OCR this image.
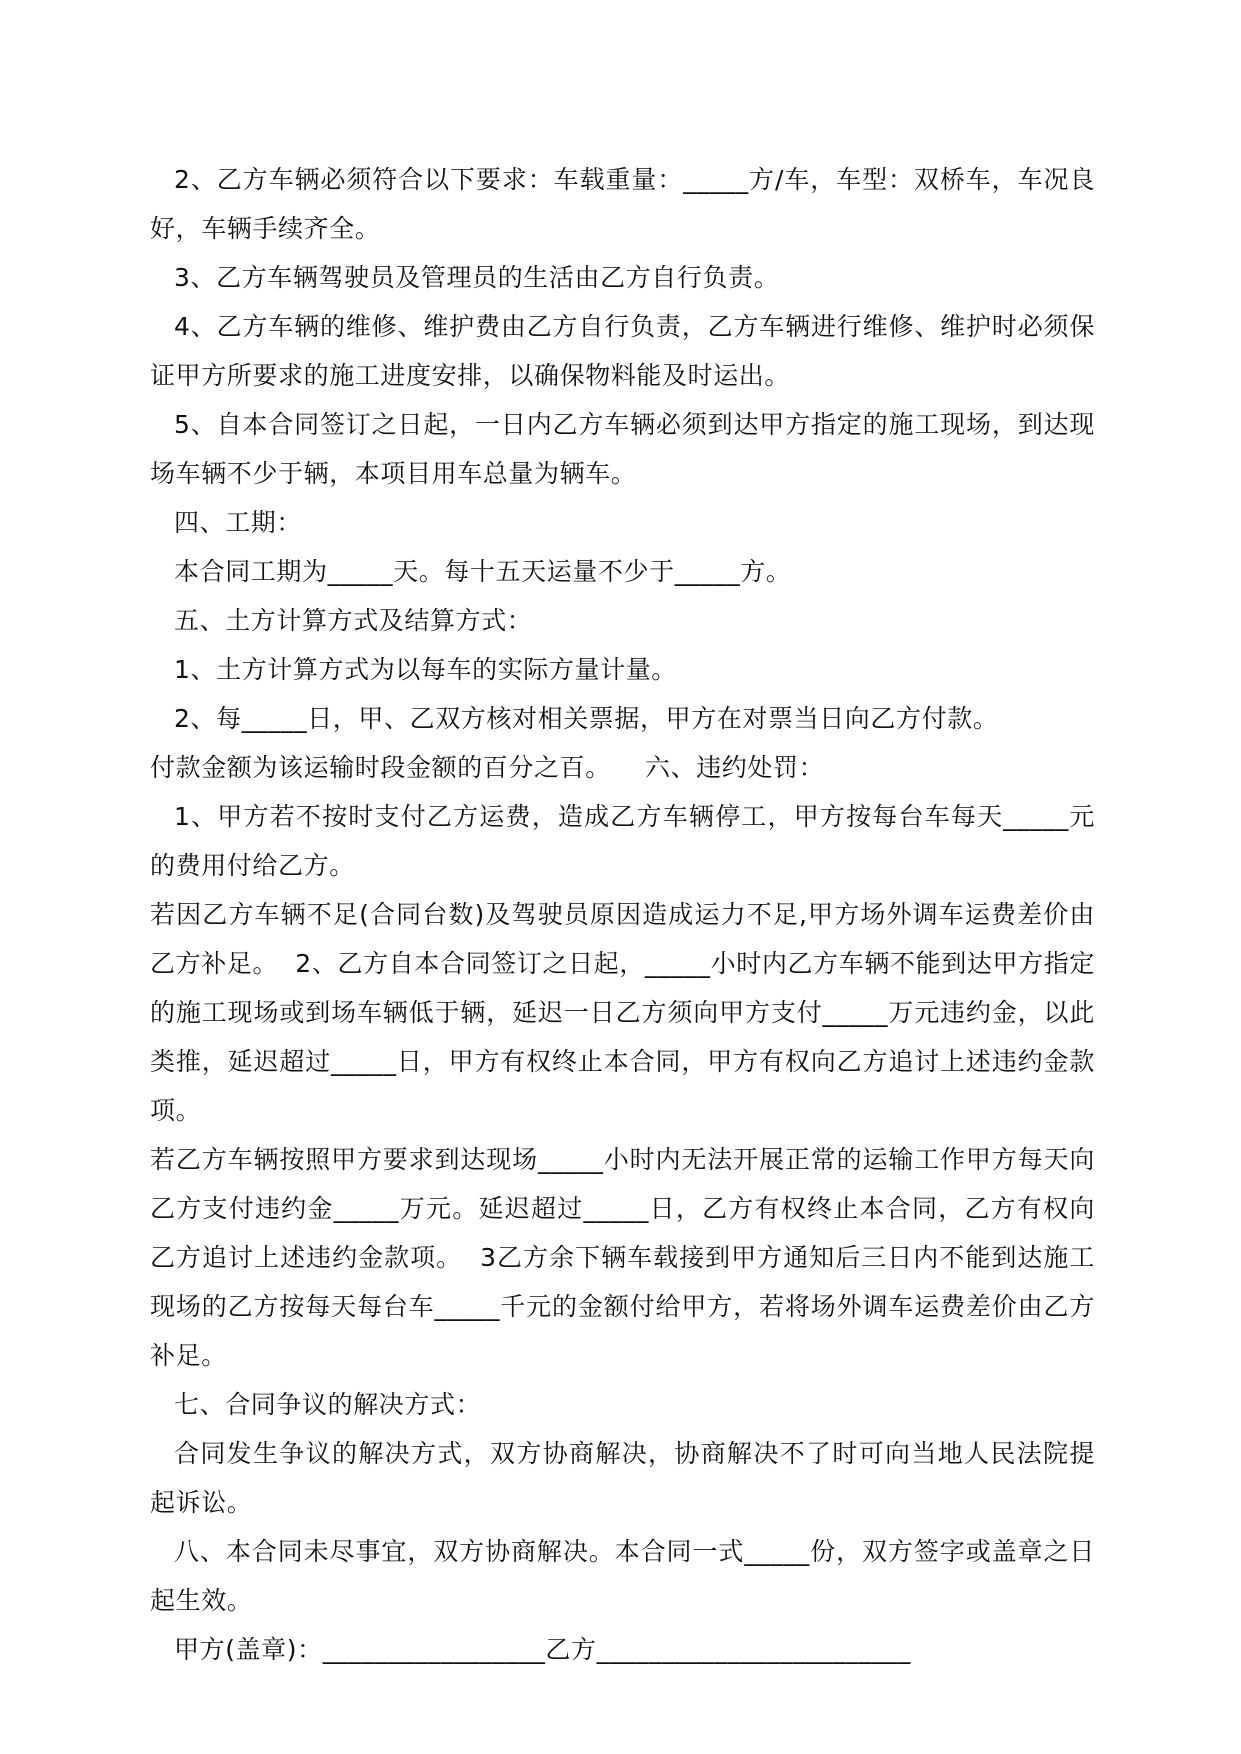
2、乙方车辆必须符合以下要求：车载重量：_____方/车，车型：双桥车，车况良好，车辆手续齐全。

3、乙方车辆驾驶员及管理员的生活由乙方自行负责。

4、乙方车辆的维修、维护费由乙方自行负责，乙方车辆进行维修、维护时必须保证甲方所要求的施工进度安排，以确保物料能及时运出。

5、自本合同签订之日起，一日内乙方车辆必须到达甲方指定的施工现场，到达现场车辆不少于辆，本项目用车总量为辆车。

四、工期：

本合同工期为_____天。每十五天运量不少于_____方。

五、土方计算方式及结算方式：

1、土方计算方式为以每车的实际方量计量。

2、每_____日，甲、乙双方核对相关票据，甲方在对票当日向乙方付款。

付款金额为该运输时段金额的百分之百。    六、违约处罚：

1、甲方若不按时支付乙方运费，造成乙方车辆停工，甲方按每台车每天_____元的费用付给乙方。

若因乙方车辆不足(合同台数)及驾驶员原因造成运力不足,甲方场外调车运费差价由乙方补足。  2、乙方自本合同签订之日起，_____小时内乙方车辆不能到达甲方指定的施工现场或到场车辆低于辆，延迟一日乙方须向甲方支付_____万元违约金，以此类推，延迟超过_____日，甲方有权终止本合同，甲方有权向乙方追讨上述违约金款项。

若乙方车辆按照甲方要求到达现场_____小时内无法开展正常的运输工作甲方每天向乙方支付违约金_____万元。延迟超过_____日，乙方有权终止本合同，乙方有权向乙方追讨上述违约金款项。  3乙方余下辆车载接到甲方通知后三日内不能到达施工现场的乙方按每天每台车_____千元的金额付给甲方，若将场外调车运费差价由乙方补足。

七、合同争议的解决方式：

合同发生争议的解决方式，双方协商解决，协商解决不了时可向当地人民法院提起诉讼。

八、本合同未尽事宜，双方协商解决。本合同一式_____份，双方签字或盖章之日起生效。

甲方(盖章)：_________________乙方________________________
